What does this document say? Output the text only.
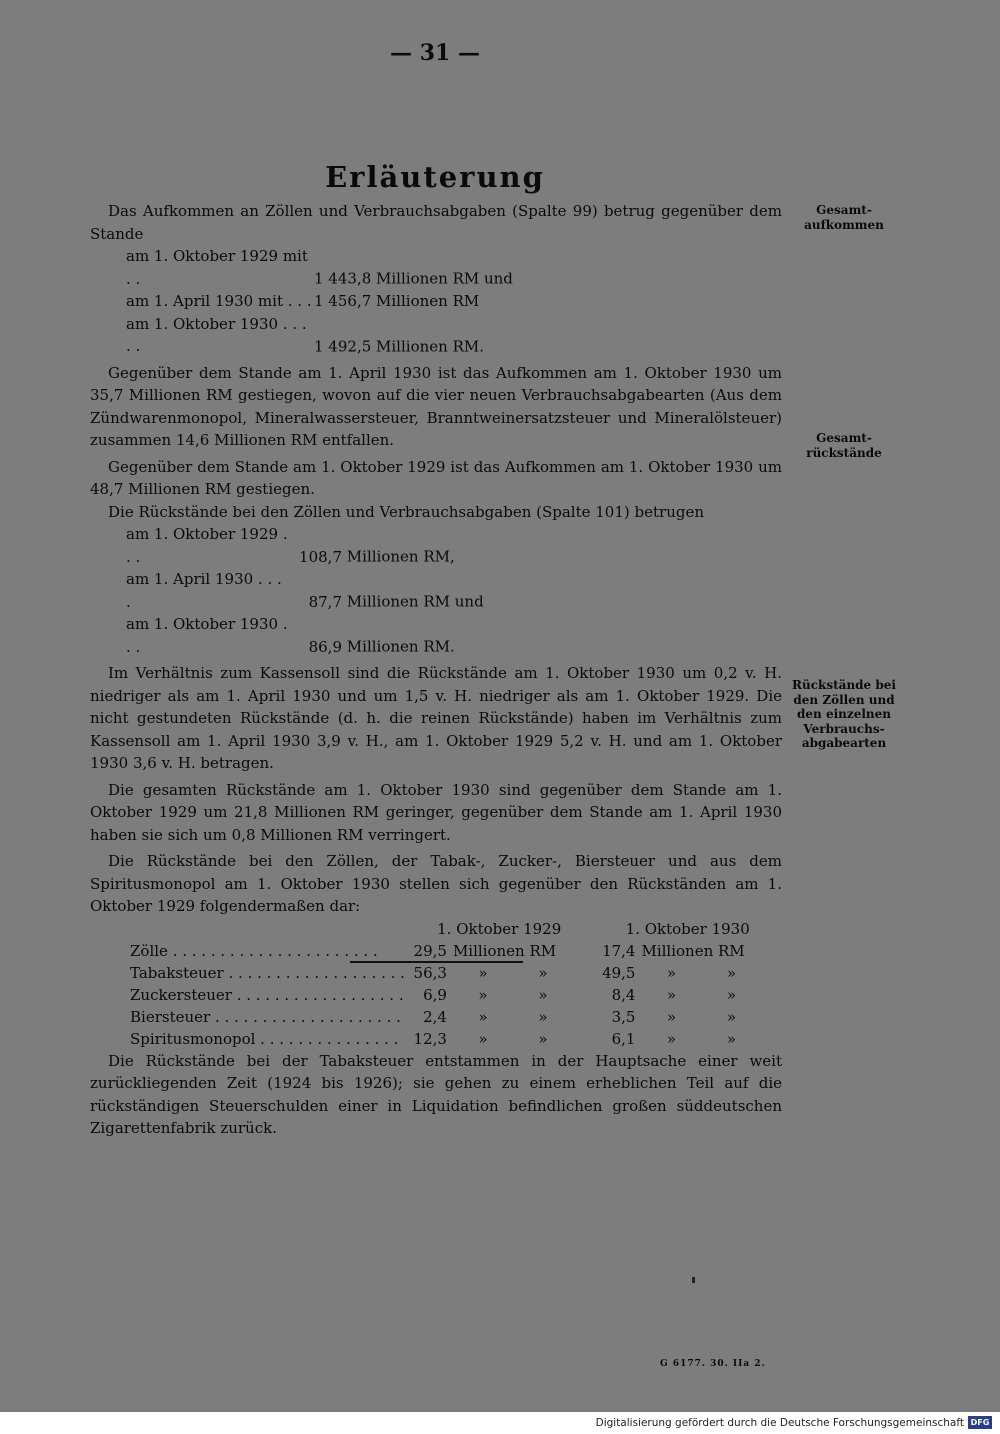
— 31 —
Erläuterung
Gesamt-
aufkommen
Gesamt-
rückstände
Rückstände bei
den Zöllen und
den einzelnen
Verbrauchs-
abgabearten

Das Aufkommen an Zöllen und Verbrauchsabgaben (Spalte 99) betrug gegenüber dem Stande

am 1. Oktober 1929 mit . .	1 443,8 Millionen RM und
am 1. April 1930 mit . . . 1 456,7 Millionen RM
am 1. Oktober 1930 . . . . .	1 492,5 Millionen RM.

Gegenüber dem Stande am 1. April 1930 ist das Aufkommen am 1. Oktober 1930 um 35,7 Millionen RM gestiegen, wovon auf die vier neuen Verbrauchsabgabearten (Aus dem Zündwarenmonopol, Mineralwassersteuer, Branntweinersatzsteuer und Mineralölsteuer) zusammen 14,6 Millionen RM entfallen.

Gegenüber dem Stande am 1. Oktober 1929 ist das Aufkommen am 1. Oktober 1930 um 48,7 Millionen RM gestiegen.

Die Rückstände bei den Zöllen und Verbrauchsabgaben (Spalte 101) betrugen

am 1. Oktober 1929 . . .	108,7 Millionen RM,
am 1. April 1930 . . . .	87,7 Millionen RM und
am 1. Oktober 1930 . . .	86,9 Millionen RM.

Im Verhältnis zum Kassensoll sind die Rückstände am 1. Oktober 1930 um 0,2 v. H. niedriger als am 1. April 1930 und um 1,5 v. H. niedriger als am 1. Oktober 1929. Die nicht gestundeten Rückstände (d. h. die reinen Rückstände) haben im Verhältnis zum Kassensoll am 1. April 1930 3,9 v. H., am 1. Oktober 1929 5,2 v. H. und am 1. Oktober 1930 3,6 v. H. betragen.

Die gesamten Rückstände am 1. Oktober 1930 sind gegenüber dem Stande am 1. Oktober 1929 um 21,8 Millionen RM geringer, gegenüber dem Stande am 1. April 1930 haben sie sich um 0,8 Millionen RM verringert.

Die Rückstände bei den Zöllen, der Tabak-, Zucker-, Biersteuer und aus dem Spiritusmonopol am 1. Oktober 1930 stellen sich gegenüber den Rückständen am 1. Oktober 1929 folgendermaßen dar:

	1. Oktober 1929		1. Oktober 1930	
Zölle . . . . . . . . . . . . . . . . . . . . . .	29,5	Millionen RM	17,4	Millionen RM
Tabaksteuer . . . . . . . . . . . . . . . . . . .	56,3	» »	49,5	» »
Zuckersteuer . . . . . . . . . . . . . . . . . .	6,9	» »	8,4	» »
Biersteuer . . . . . . . . . . . . . . . . . . . .	2,4	» »	3,5	» »
Spiritusmonopol . . . . . . . . . . . . . . .	12,3	» »	6,1	» »

Die Rückstände bei der Tabaksteuer entstammen in der Hauptsache einer weit zurückliegenden Zeit (1924 bis 1926); sie gehen zu einem erheblichen Teil auf die rückständigen Steuerschulden einer in Liquidation befindlichen großen süddeutschen Zigarettenfabrik zurück.

G 6177. 30. IIa 2.
Digitalisierung gefördert durch die Deutsche Forschungsgemeinschaft DFG
